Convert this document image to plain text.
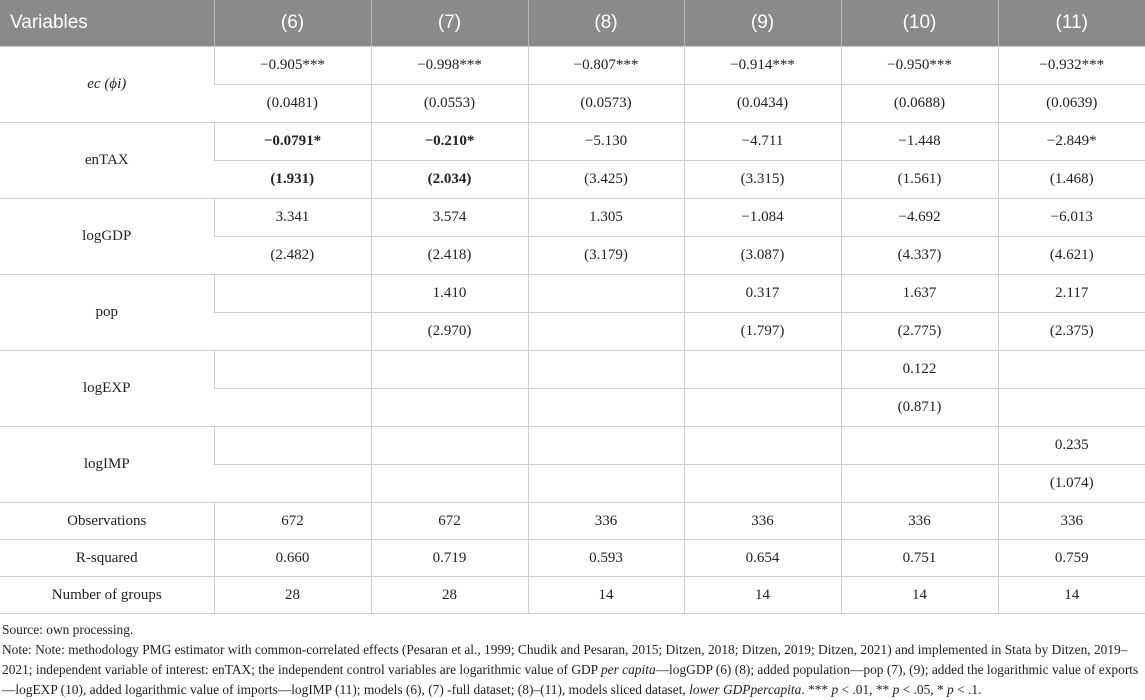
Variables	(6)	(7)	(8)	(9)	(10)	(11)
ec (ϕi)	−0.905***	−0.998***	−0.807***	−0.914***	−0.950***	−0.932***
	(0.0481)	(0.0553)	(0.0573)	(0.0434)	(0.0688)	(0.0639)
enTAX	−0.0791*	−0.210*	−5.130	−4.711	−1.448	−2.849*
	(1.931)	(2.034)	(3.425)	(3.315)	(1.561)	(1.468)
logGDP	3.341	3.574	1.305	−1.084	−4.692	−6.013
	(2.482)	(2.418)	(3.179)	(3.087)	(4.337)	(4.621)
pop		1.410		0.317	1.637	2.117
		(2.970)		(1.797)	(2.775)	(2.375)
logEXP					0.122	
					(0.871)	
logIMP						0.235
						(1.074)
Observations	672	672	336	336	336	336
R-squared	0.660	0.719	0.593	0.654	0.751	0.759
Number of groups	28	28	14	14	14	14

Source: own processing.

Note: Note: methodology PMG estimator with common-correlated effects (Pesaran et al., 1999; Chudik and Pesaran, 2015; Ditzen, 2018; Ditzen, 2019; Ditzen, 2021) and implemented in Stata by Ditzen, 2019–2021; independent variable of interest: enTAX; the independent control variables are logarithmic value of GDP per capita—logGDP (6) (8); added population—pop (7), (9); added the logarithmic value of exports—logEXP (10), added logarithmic value of imports—logIMP (11); models (6), (7) -full dataset; (8)–(11), models sliced dataset, lower GDPpercapita. *** p < .01, ** p < .05, * p < .1.
